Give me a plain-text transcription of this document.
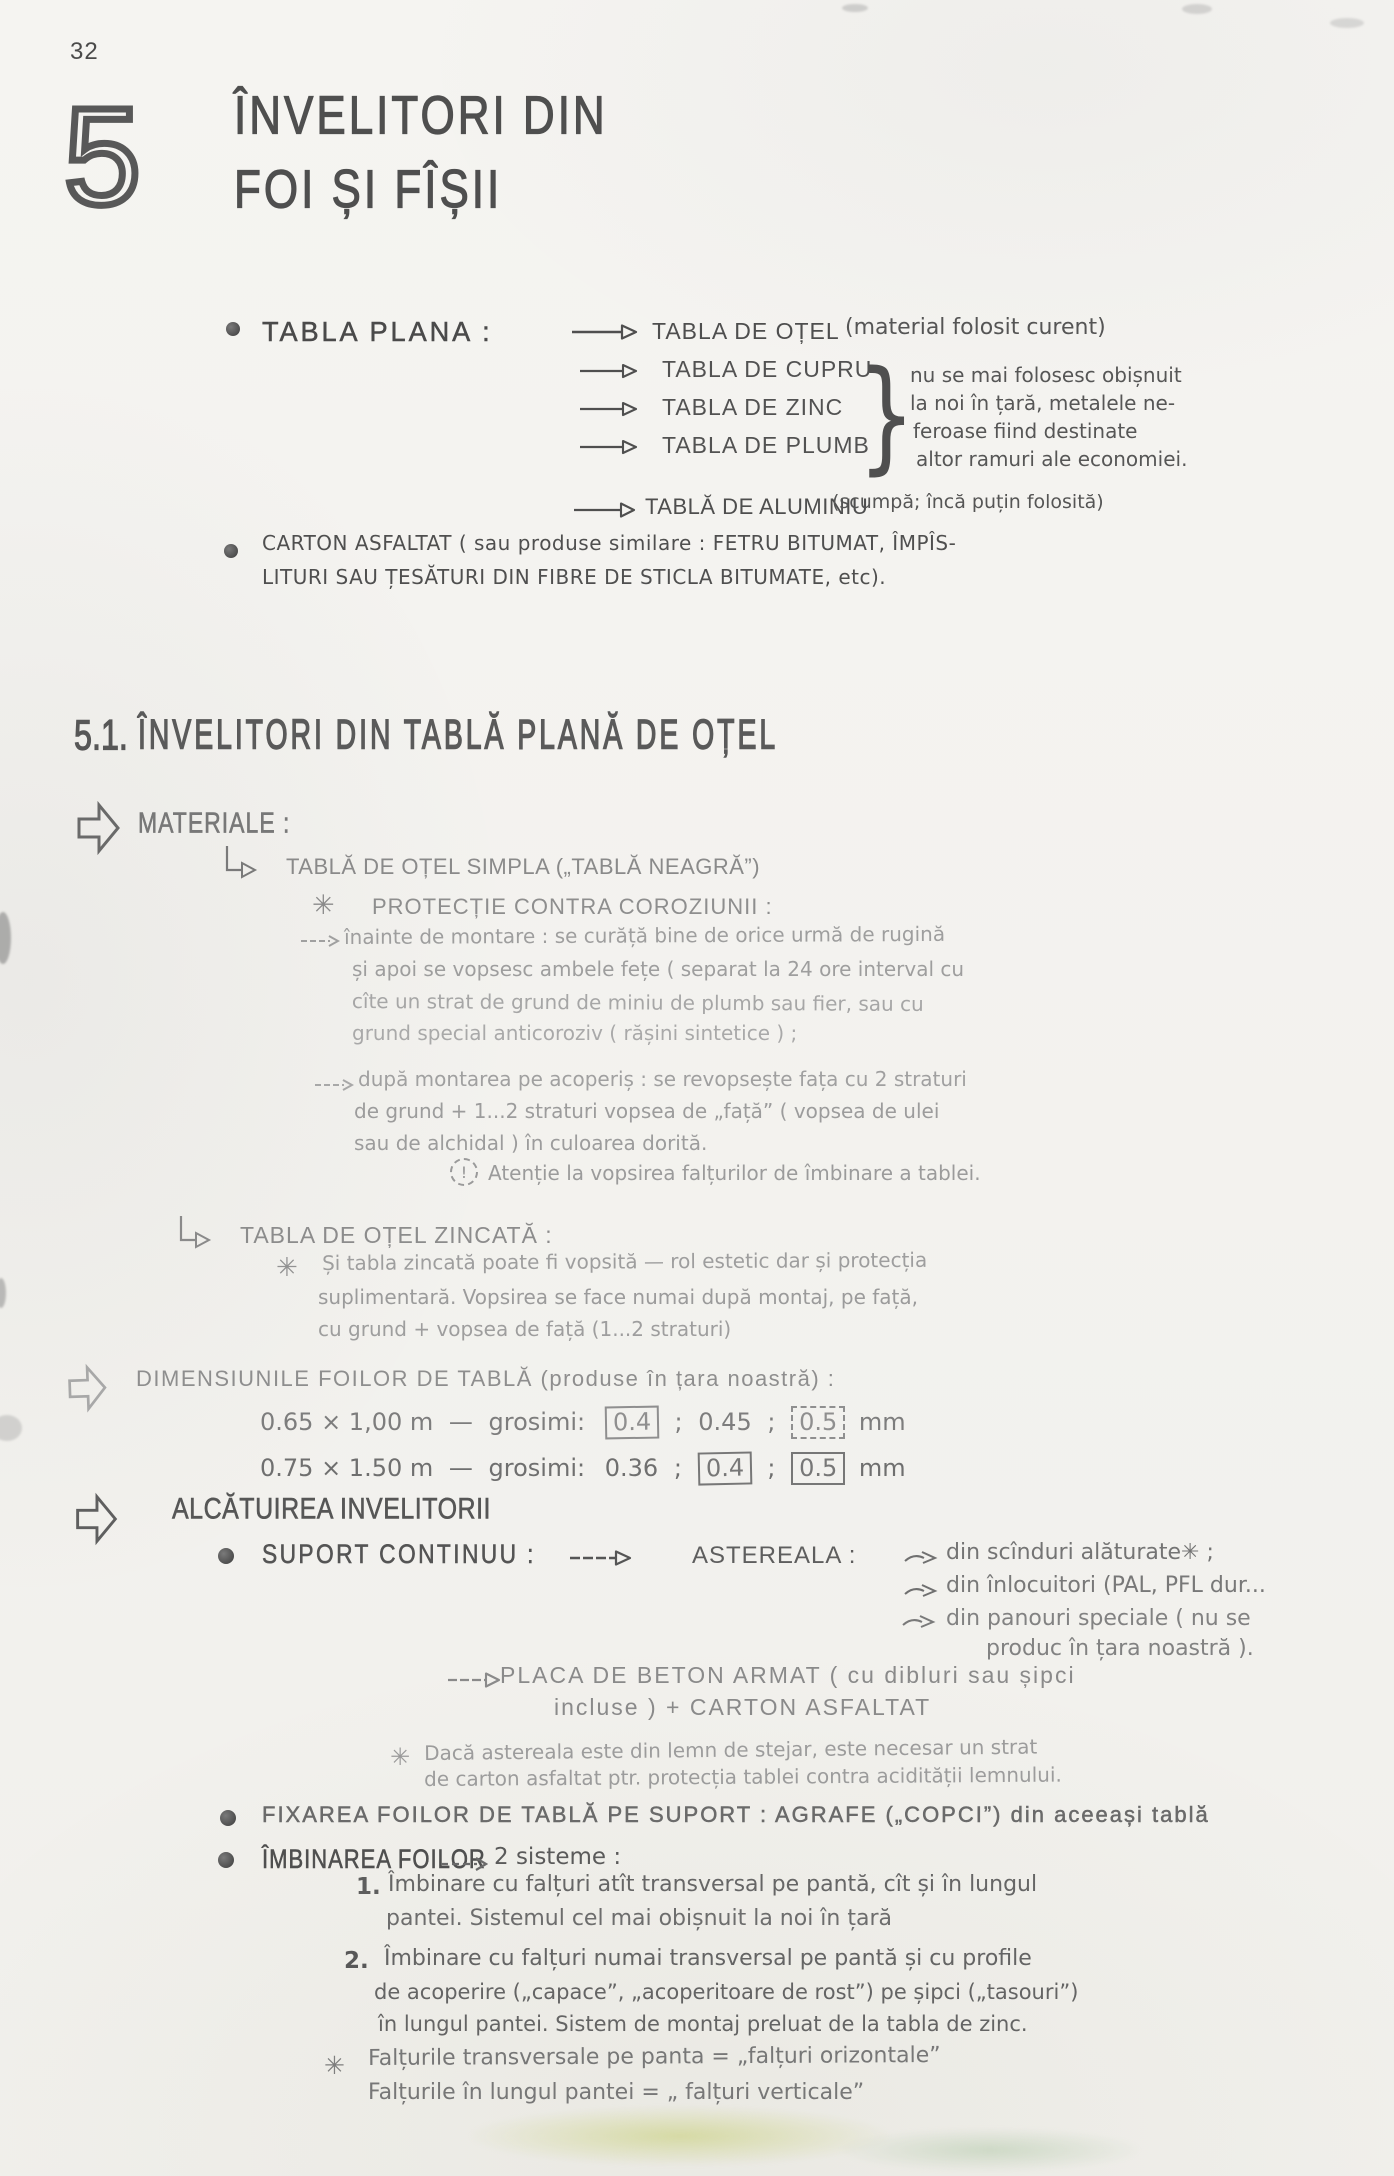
32
5 ÎNVELITORI DIN
FOI ȘI FÎȘII
TABLA PLANA :	TABLA DE OȚEL (material folosit curent)
TABLA DE CUPRU
TABLA DE ZINC
TABLA DE PLUMB
}
nu se mai folosesc obișnuit
la noi în țară, metalele ne-
feroase fiind destinate
altor ramuri ale economiei.
TABLĂ DE ALUMINIU
(scumpă; încă puțin folosită)
CARTON ASFALTAT ( sau produse similare : FETRU BITUMAT, ÎMPÎS-
LITURI SAU ȚESĂTURI DIN FIBRE DE STICLA BITUMATE, etc).
5.1. ÎNVELITORI DIN TABLĂ PLANĂ DE OȚEL
MATERIALE :
TABLĂ DE OȚEL SIMPLA („TABLĂ NEAGRĂ”)
✳ PROTECȚIE CONTRA COROZIUNII :
înainte de montare : se curăță bine de orice urmă de rugină
și apoi se vopsesc ambele fețe ( separat la 24 ore interval cu
cîte un strat de grund de miniu de plumb sau fier, sau cu
grund special anticoroziv ( rășini sintetice ) ;
după montarea pe acoperiș : se revopsește fața cu 2 straturi
de grund + 1...2 straturi vopsea de „față” ( vopsea de ulei
sau de alchidal ) în culoarea dorită.
! Atenție la vopsirea falțurilor de îmbinare a tablei.
TABLA DE OȚEL ZINCATĂ :
✳ Și tabla zincată poate fi vopsită — rol estetic dar și protecția
suplimentară. Vopsirea se face numai după montaj, pe față,
cu grund + vopsea de față (1...2 straturi)
DIMENSIUNILE FOILOR DE TABLĂ (produse în țara noastră) :
0.65 × 1,00 m — grosimi: 0.4 ; 0.45 ; 0.5 mm
0.75 × 1.50 m — grosimi: 0.36 ; 0.4 ; 0.5 mm
ALCĂTUIREA INVELITORII
SUPORT CONTINUU :	ASTEREALA :	din scînduri alăturate✳ ;
din înlocuitori (PAL, PFL dur...
din panouri speciale ( nu se
produc în țara noastră ).
PLACA DE BETON ARMAT ( cu dibluri sau șipci
incluse ) + CARTON ASFALTAT
✳ Dacă astereala este din lemn de stejar, este necesar un strat
de carton asfaltat ptr. protecția tablei contra acidității lemnului.
FIXAREA FOILOR DE TABLĂ PE SUPORT : AGRAFE („COPCI”) din aceeași tablă
ÎMBINAREA FOILOR 2 sisteme :
1. Îmbinare cu falțuri atît transversal pe pantă, cît și în lungul
pantei. Sistemul cel mai obișnuit la noi în țară
2. Îmbinare cu falțuri numai transversal pe pantă și cu profile
de acoperire („capace”, „acoperitoare de rost”) pe șipci („tasouri”)
în lungul pantei. Sistem de montaj preluat de la tabla de zinc.
✳ Falțurile transversale pe panta = „falțuri orizontale”
Falțurile în lungul pantei = „ falțuri verticale”
